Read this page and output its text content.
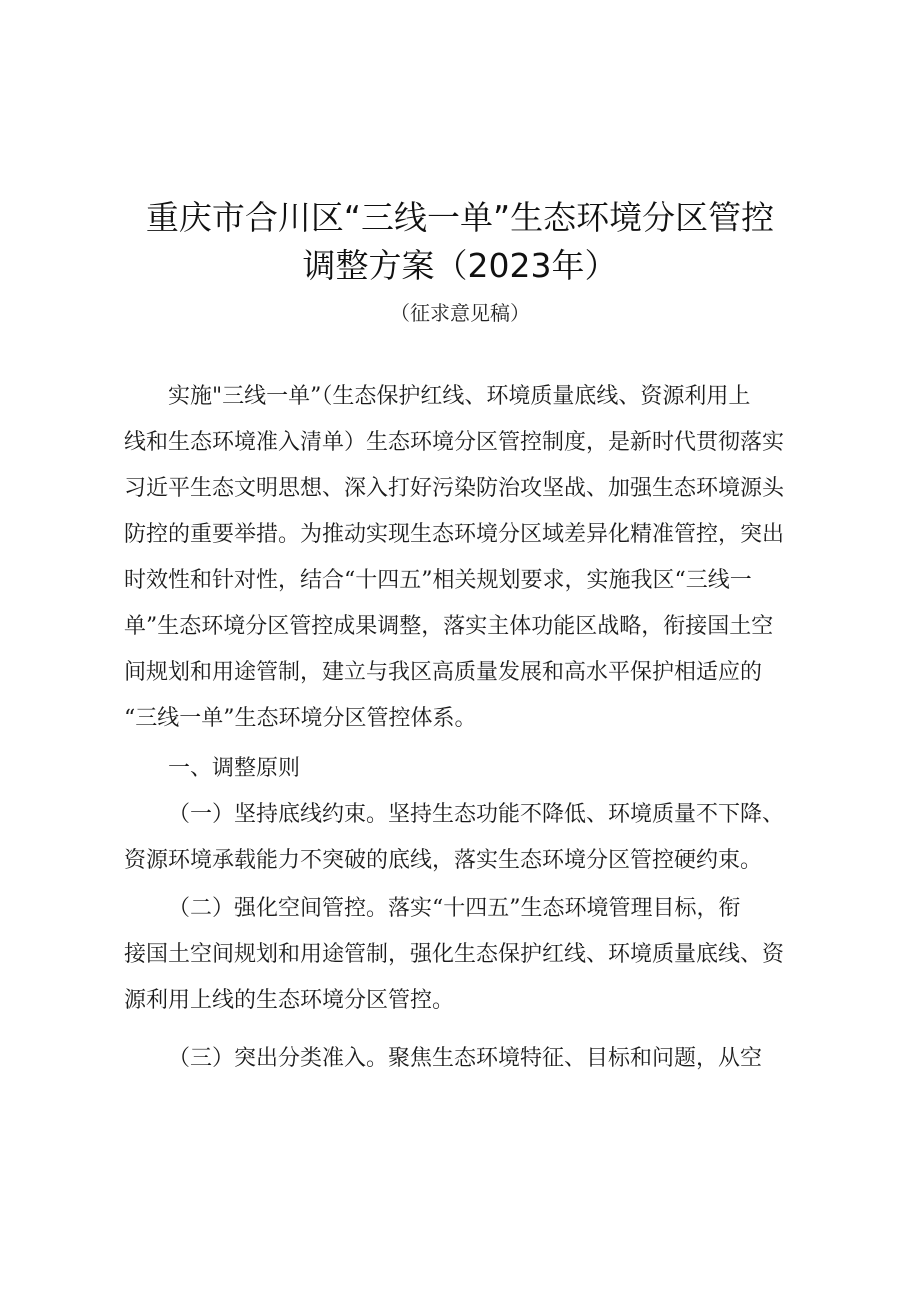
重庆市合川区“三线一单”生态环境分区管控
调整方案（2023年）
（征求意见稿）
实施"三线一单”（生态保护红线、环境质量底线、资源利用上
线和生态环境准入清单）生态环境分区管控制度，是新时代贯彻落实
习近平生态文明思想、深入打好污染防治攻坚战、加强生态环境源头
防控的重要举措。为推动实现生态环境分区域差异化精准管控，突出
时效性和针对性，结合“十四五”相关规划要求，实施我区“三线一
单”生态环境分区管控成果调整，落实主体功能区战略，衔接国土空
间规划和用途管制，建立与我区高质量发展和高水平保护相适应的
“三线一单”生态环境分区管控体系。
一、调整原则
（一）坚持底线约束。坚持生态功能不降低、环境质量不下降、
资源环境承载能力不突破的底线，落实生态环境分区管控硬约束。
（二）强化空间管控。落实“十四五”生态环境管理目标，衔
接国土空间规划和用途管制，强化生态保护红线、环境质量底线、资
源利用上线的生态环境分区管控。
（三）突出分类准入。聚焦生态环境特征、目标和问题，从空
